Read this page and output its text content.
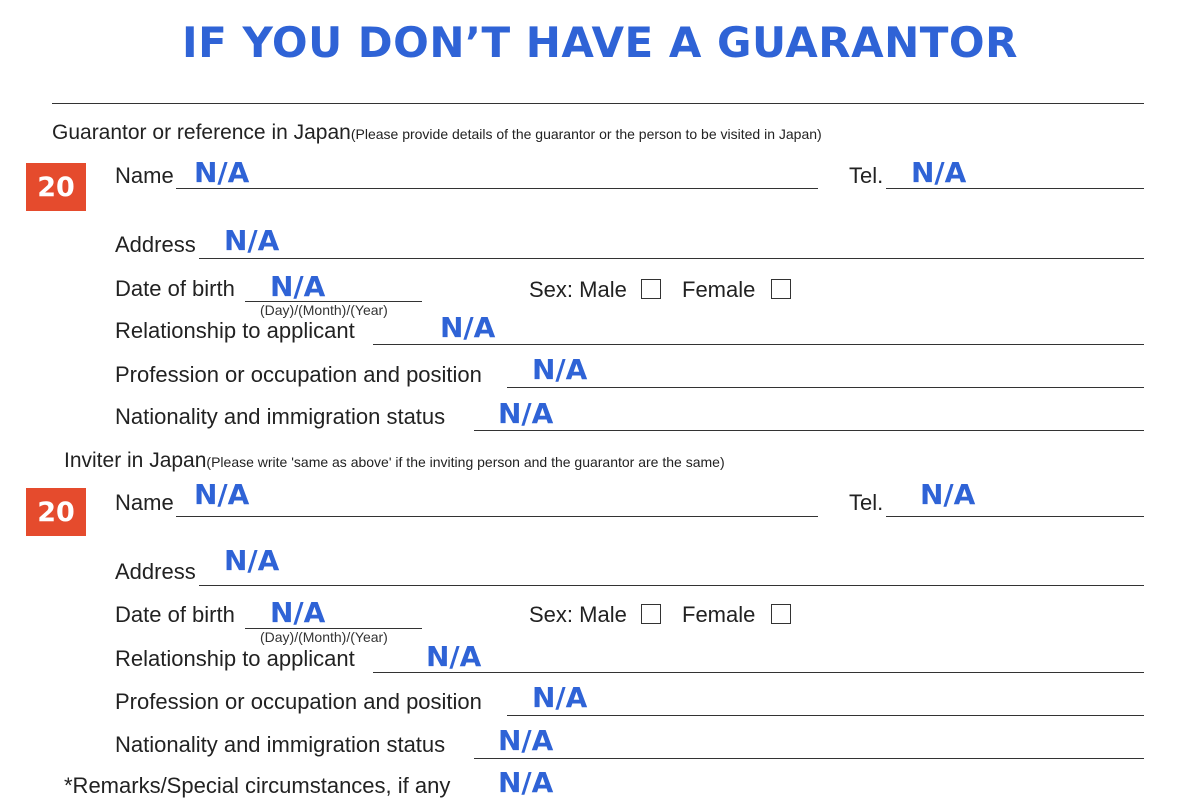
IF YOU DON’T HAVE A GUARANTOR
Guarantor or reference in Japan(Please provide details of the guarantor or the person to be visited in Japan)
20	Name N/A	Tel. N/A
Address N/A
Date of birth N/A
(Day)/(Month)/(Year)
Sex: Male	Female
Relationship to applicant	N/A
Profession or occupation and position N/A
Nationality and immigration status N/A
Inviter in Japan(Please write 'same as above' if the inviting person and the guarantor are the same)
20	Name N/A	Tel. N/A
Address N/A
Date of birth N/A
(Day)/(Month)/(Year)
Sex: Male	Female
Relationship to applicant	N/A
Profession or occupation and position N/A
Nationality and immigration status N/A
*Remarks/Special circumstances, if any N/A
